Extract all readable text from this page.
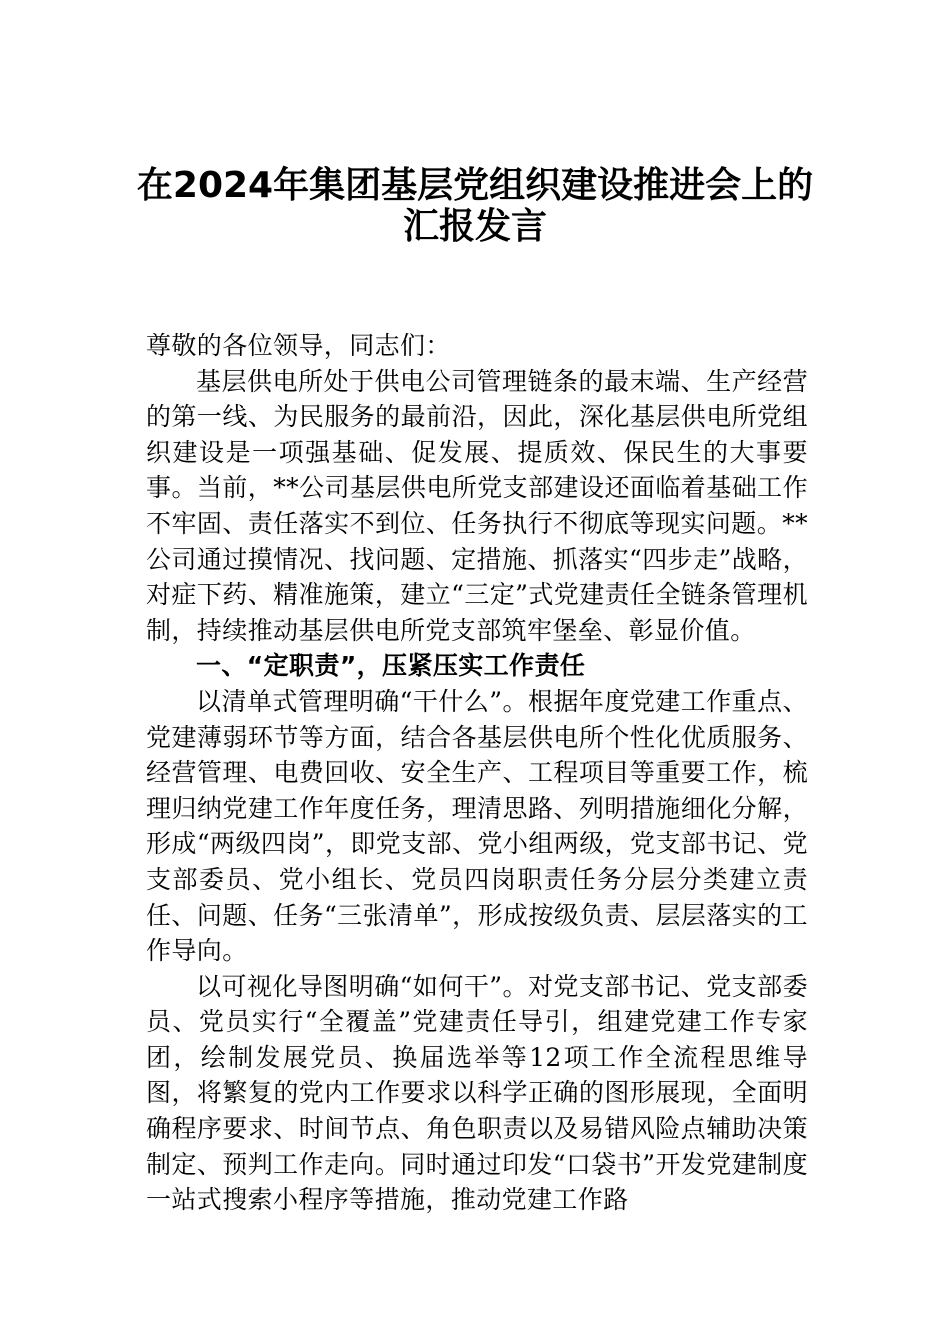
在2024年集团基层党组织建设推进会上的
汇报发言

尊敬的各位领导，同志们：

基层供电所处于供电公司管理链条的最末端、生产经营的第一线、为民服务的最前沿，因此，深化基层供电所党组织建设是一项强基础、促发展、提质效、保民生的大事要事。当前，**公司基层供电所党支部建设还面临着基础工作不牢固、责任落实不到位、任务执行不彻底等现实问题。**公司通过摸情况、找问题、定措施、抓落实“四步走”战略，对症下药、精准施策，建立“三定”式党建责任全链条管理机制，持续推动基层供电所党支部筑牢堡垒、彰显价值。

一、“定职责”，压紧压实工作责任

以清单式管理明确“干什么”。根据年度党建工作重点、党建薄弱环节等方面，结合各基层供电所个性化优质服务、经营管理、电费回收、安全生产、工程项目等重要工作，梳理归纳党建工作年度任务，理清思路、列明措施细化分解，形成“两级四岗”，即党支部、党小组两级，党支部书记、党支部委员、党小组长、党员四岗职责任务分层分类建立责任、问题、任务“三张清单”，形成按级负责、层层落实的工作导向。

以可视化导图明确“如何干”。对党支部书记、党支部委员、党员实行“全覆盖”党建责任导引，组建党建工作专家团，绘制发展党员、换届选举等12项工作全流程思维导图，将繁复的党内工作要求以科学正确的图形展现，全面明确程序要求、时间节点、角色职责以及易错风险点辅助决策制定、预判工作走向。同时通过印发“口袋书”开发党建制度一站式搜索小程序等措施，推动党建工作路
